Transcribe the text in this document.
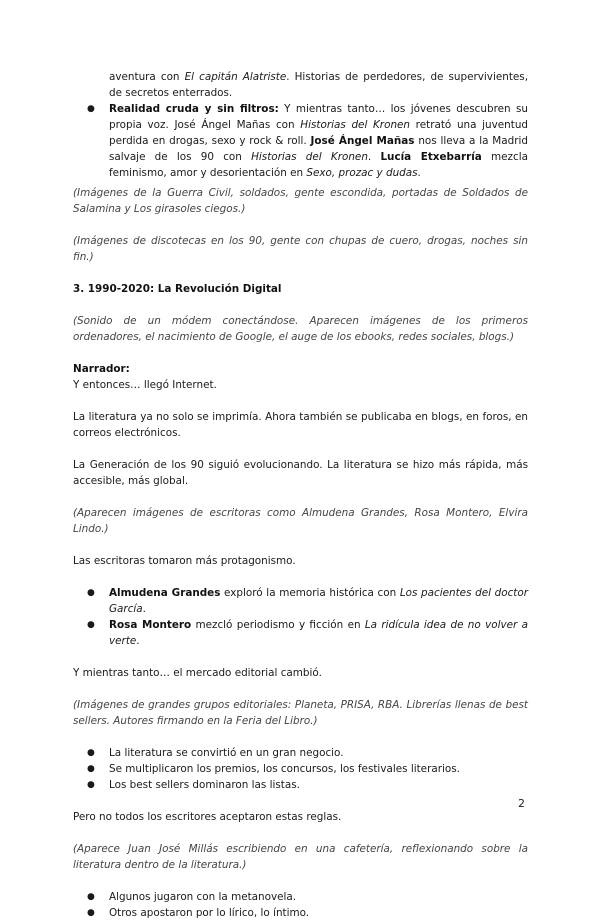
aventura con El capitán Alatriste. Historias de perdedores, de supervivientes, de secretos enterrados.
● Realidad cruda y sin filtros: Y mientras tanto… los jóvenes descubren su propia voz. José Ángel Mañas con Historias del Kronen retrató una juventud perdida en drogas, sexo y rock & roll. José Ángel Mañas nos lleva a la Madrid salvaje de los 90 con Historias del Kronen. Lucía Etxebarría mezcla feminismo, amor y desorientación en Sexo, prozac y dudas.

(Imágenes de la Guerra Civil, soldados, gente escondida, portadas de Soldados de Salamina y Los girasoles ciegos.)

(Imágenes de discotecas en los 90, gente con chupas de cuero, drogas, noches sin fin.)

3. 1990-2020: La Revolución Digital

(Sonido de un módem conectándose. Aparecen imágenes de los primeros ordenadores, el nacimiento de Google, el auge de los ebooks, redes sociales, blogs.)

Narrador:

Y entonces… llegó Internet.

La literatura ya no solo se imprimía. Ahora también se publicaba en blogs, en foros, en correos electrónicos.

La Generación de los 90 siguió evolucionando. La literatura se hizo más rápida, más accesible, más global.

(Aparecen imágenes de escritoras como Almudena Grandes, Rosa Montero, Elvira Lindo.)

Las escritoras tomaron más protagonismo.

● Almudena Grandes exploró la memoria histórica con Los pacientes del doctor García.
● Rosa Montero mezcló periodismo y ficción en La ridícula idea de no volver a verte.

Y mientras tanto… el mercado editorial cambió.

(Imágenes de grandes grupos editoriales: Planeta, PRISA, RBA. Librerías llenas de best sellers. Autores firmando en la Feria del Libro.)

● La literatura se convirtió en un gran negocio.
● Se multiplicaron los premios, los concursos, los festivales literarios.
● Los best sellers dominaron las listas.

Pero no todos los escritores aceptaron estas reglas.

(Aparece Juan José Millás escribiendo en una cafetería, reflexionando sobre la literatura dentro de la literatura.)

● Algunos jugaron con la metanovela.
● Otros apostaron por lo lírico, lo íntimo.
2
